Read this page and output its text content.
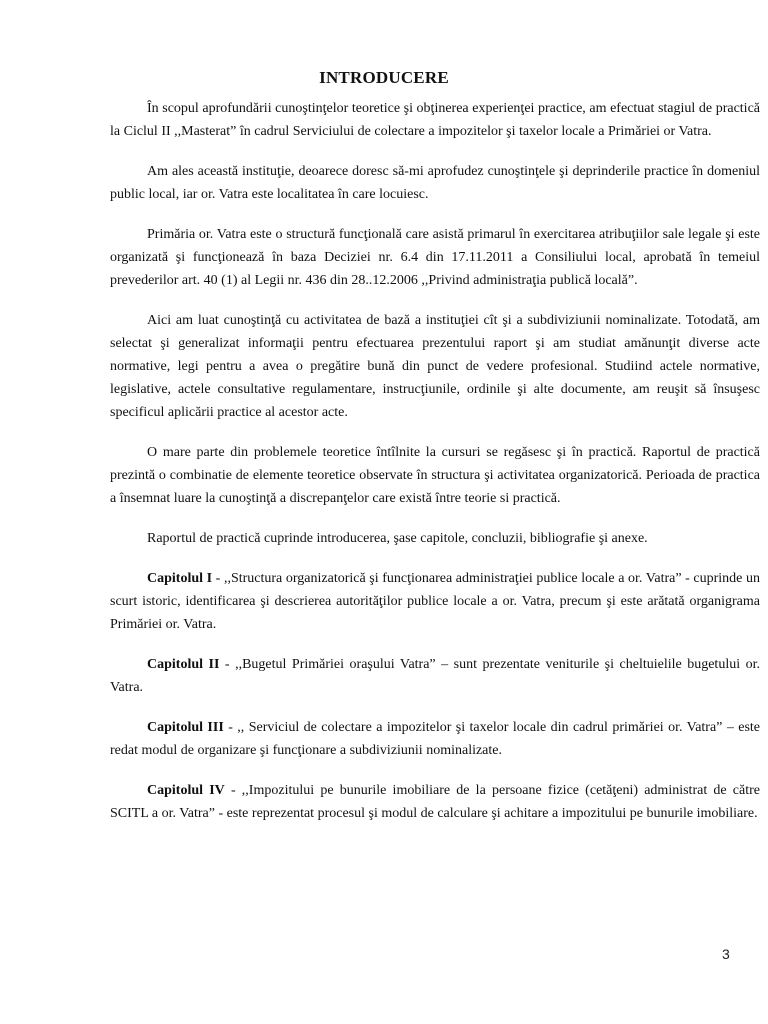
INTRODUCERE

În scopul aprofundării cunoştinţelor teoretice şi obţinerea experienţei practice, am efectuat stagiul de practică la Ciclul II ,,Masterat” în cadrul Serviciului de colectare a impozitelor şi taxelor locale a Primăriei or Vatra.

Am ales această instituţie, deoarece doresc să-mi aprofudez cunoştinţele şi deprinderile practice în domeniul public local, iar or. Vatra este localitatea în care locuiesc.

Primăria or. Vatra este o structură funcţională care asistă primarul în exercitarea atribuţiilor sale legale şi este organizată şi funcţionează în baza Deciziei nr. 6.4 din 17.11.2011 a Consiliului local, aprobată în temeiul prevederilor art. 40 (1) al Legii nr. 436 din 28..12.2006 ,,Privind administraţia publică locală”.

Aici am luat cunoştinţă cu activitatea de bază a instituţiei cît şi a subdiviziunii nominalizate. Totodată, am selectat şi generalizat informaţii pentru efectuarea prezentului raport şi am studiat amănunţit diverse acte normative, legi pentru a avea o pregătire bună din punct de vedere profesional. Studiind actele normative, legislative, actele consultative regulamentare, instrucţiunile, ordinile şi alte documente, am reuşit să însuşesc specificul aplicării practice al acestor acte.

O mare parte din problemele teoretice întîlnite la cursuri se regăsesc şi în practică. Raportul de practică prezintă o combinatie de elemente teoretice observate în structura şi activitatea organizatorică. Perioada de practica a însemnat luare la cunoştinţă a discrepanţelor care există între teorie si practică.

Raportul de practică cuprinde introducerea, şase capitole, concluzii, bibliografie şi anexe.

Capitolul I - ,,Structura organizatorică şi funcţionarea administraţiei publice locale a or. Vatra” - cuprinde un scurt istoric, identificarea şi descrierea autorităţilor publice locale a or. Vatra, precum şi este arătată organigrama Primăriei or. Vatra.

Capitolul II - ,,Bugetul Primăriei oraşului Vatra” – sunt prezentate veniturile şi cheltuielile bugetului or. Vatra.

Capitolul III - ,, Serviciul de colectare a impozitelor şi taxelor locale din cadrul primăriei or. Vatra” – este redat modul de organizare şi funcţionare a subdiviziunii nominalizate.

Capitolul IV - ,,Impozitului pe bunurile imobiliare de la persoane fizice (cetăţeni) administrat de către SCITL a or. Vatra” - este reprezentat procesul şi modul de calculare şi achitare a impozitului pe bunurile imobiliare.

3
